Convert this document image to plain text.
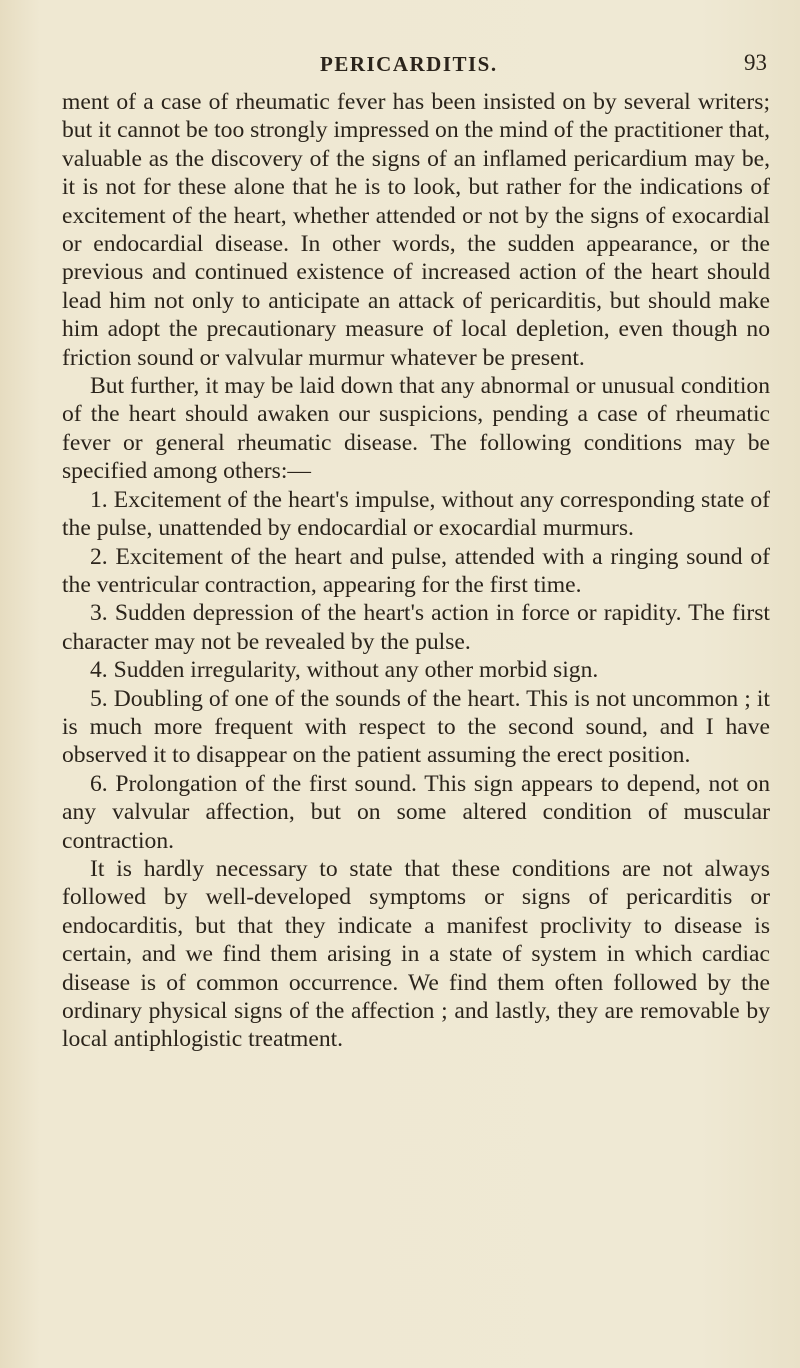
PERICARDITIS.	93

ment of a case of rheumatic fever has been insisted on by several writers; but it cannot be too strongly impressed on the mind of the practitioner that, valuable as the discovery of the signs of an inflamed pericardium may be, it is not for these alone that he is to look, but rather for the indications of excitement of the heart, whether attended or not by the signs of exocardial or endocardial disease. In other words, the sudden appearance, or the previous and continued existence of increased action of the heart should lead him not only to anticipate an attack of pericarditis, but should make him adopt the precautionary measure of local depletion, even though no friction sound or valvular murmur whatever be present.

But further, it may be laid down that any abnormal or unusual condition of the heart should awaken our suspicions, pending a case of rheumatic fever or general rheumatic disease. The following conditions may be specified among others:—

1. Excitement of the heart's impulse, without any corresponding state of the pulse, unattended by endocardial or exocardial murmurs.

2. Excitement of the heart and pulse, attended with a ringing sound of the ventricular contraction, appearing for the first time.

3. Sudden depression of the heart's action in force or rapidity. The first character may not be revealed by the pulse.

4. Sudden irregularity, without any other morbid sign.

5. Doubling of one of the sounds of the heart. This is not uncommon ; it is much more frequent with respect to the second sound, and I have observed it to disappear on the patient assuming the erect position.

6. Prolongation of the first sound. This sign appears to depend, not on any valvular affection, but on some altered condition of muscular contraction.

It is hardly necessary to state that these conditions are not always followed by well-developed symptoms or signs of pericarditis or endocarditis, but that they indicate a manifest proclivity to disease is certain, and we find them arising in a state of system in which cardiac disease is of common occurrence. We find them often followed by the ordinary physical signs of the affection ; and lastly, they are removable by local antiphlogistic treatment.
